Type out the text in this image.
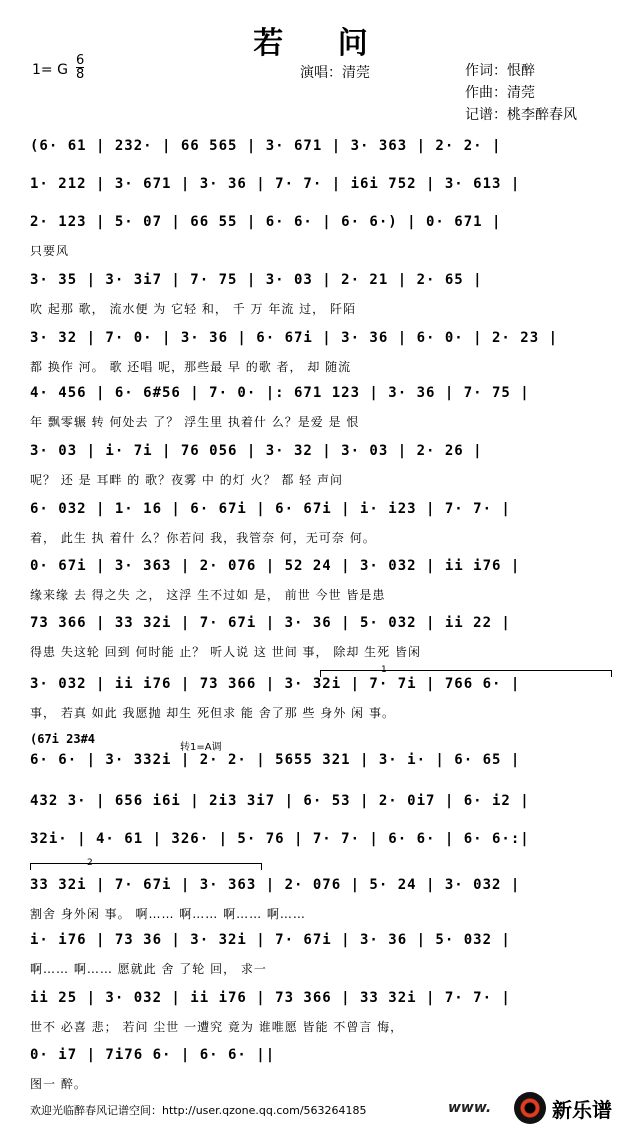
若 问
1= G
6
8	演唱：清莞	作词：恨醉
作曲：清莞
记谱：桃李醉春风
(6· 61 | 232· | 66 565 | 3· 671 | 3· 363 | 2· 2· |
1· 212 | 3· 671 | 3· 36 | 7· 7· | i6i 752 | 3· 613 |
2· 123 | 5· 07 | 66 55 | 6· 6· | 6· 6·) | 0· 671 |
只要风
3· 35 | 3· 3i7 | 7· 75 | 3· 03 | 2· 21 | 2· 65 |
吹 起那 歌， 流水便 为 它轻 和， 千 万 年流 过， 阡陌
3· 32 | 7· 0· | 3· 36 | 6· 67i | 3· 36 | 6· 0· | 2· 23 |
都 换作 河。 歌 还唱 呢，那些最 早 的歌 者， 却 随流
4· 456 | 6· 6#56 | 7· 0· |: 671 123 | 3· 36 | 7· 75 |
年 飘零辗 转 何处去 了？ 浮生里 执着什 么？是爱 是 恨
3· 03 | i· 7i | 76 056 | 3· 32 | 3· 03 | 2· 26 |
呢？ 还 是 耳畔 的 歌？夜雾 中 的灯 火？ 都 轻 声问
6· 032 | 1· 16 | 6· 67i | 6· 67i | i· i23 | 7· 7· |
着， 此生 执 着什 么？你若问 我，我管奈 何，无可奈 何。
0· 67i | 3· 363 | 2· 076 | 52 24 | 3· 032 | ii i76 |
缘来缘 去 得之失 之， 这浮 生不过如 是， 前世 今世 皆是患
73 366 | 33 32i | 7· 67i | 3· 36 | 5· 032 | ii 22 |
得患 失这轮 回到 何时能 止？ 听人说 这 世间 事， 除却 生死 皆闲
3· 032 | ii i76 | 73 366 | 3· 32i | 7· 7i | 766 6· |
事， 若真 如此 我愿抛 却生 死但求 能 舍了那 些 身外 闲 事。
1
6· 6· | 3· 332i | 2· 2· | 5655 321 | 3· i· | 6· 65 |
(67i 23#4
转1=A调
432 3· | 656 i6i | 2i3 3i7 | 6· 53 | 2· 0i7 | 6· i2 |
32i· | 4· 61 | 326· | 5· 76 | 7· 7· | 6· 6· | 6· 6·:|
33 32i | 7· 67i | 3· 363 | 2· 076 | 5· 24 | 3· 032 |
割舍 身外闲 事。 啊…… 啊…… 啊…… 啊……
2
i· i76 | 73 36 | 3· 32i | 7· 67i | 3· 36 | 5· 032 |
啊…… 啊…… 愿就此 舍 了轮 回， 求一
ii 25 | 3· 032 | ii i76 | 73 366 | 33 32i | 7· 7· |
世不 必喜 悲； 若问 尘世 一遭究 竟为 谁唯愿 皆能 不曾言 悔，
0· i7 | 7i76 6· | 6· 6· ||
图一 醉。
欢迎光临醉春风记谱空间：http://user.qzone.qq.com/563264185	www.	新乐谱
